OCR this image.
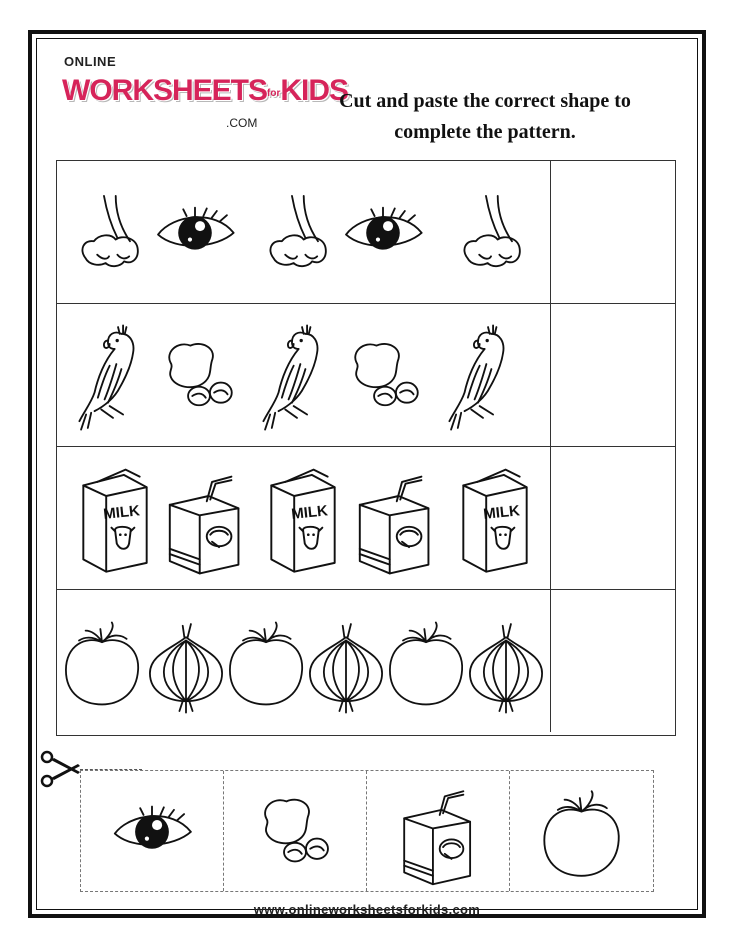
ONLINE
WORKSHEETSforKIDS
.COM
Cut and paste the correct shape to
complete the pattern.
MILK	MILK	MILK
www.onlineworksheetsforkids.com
